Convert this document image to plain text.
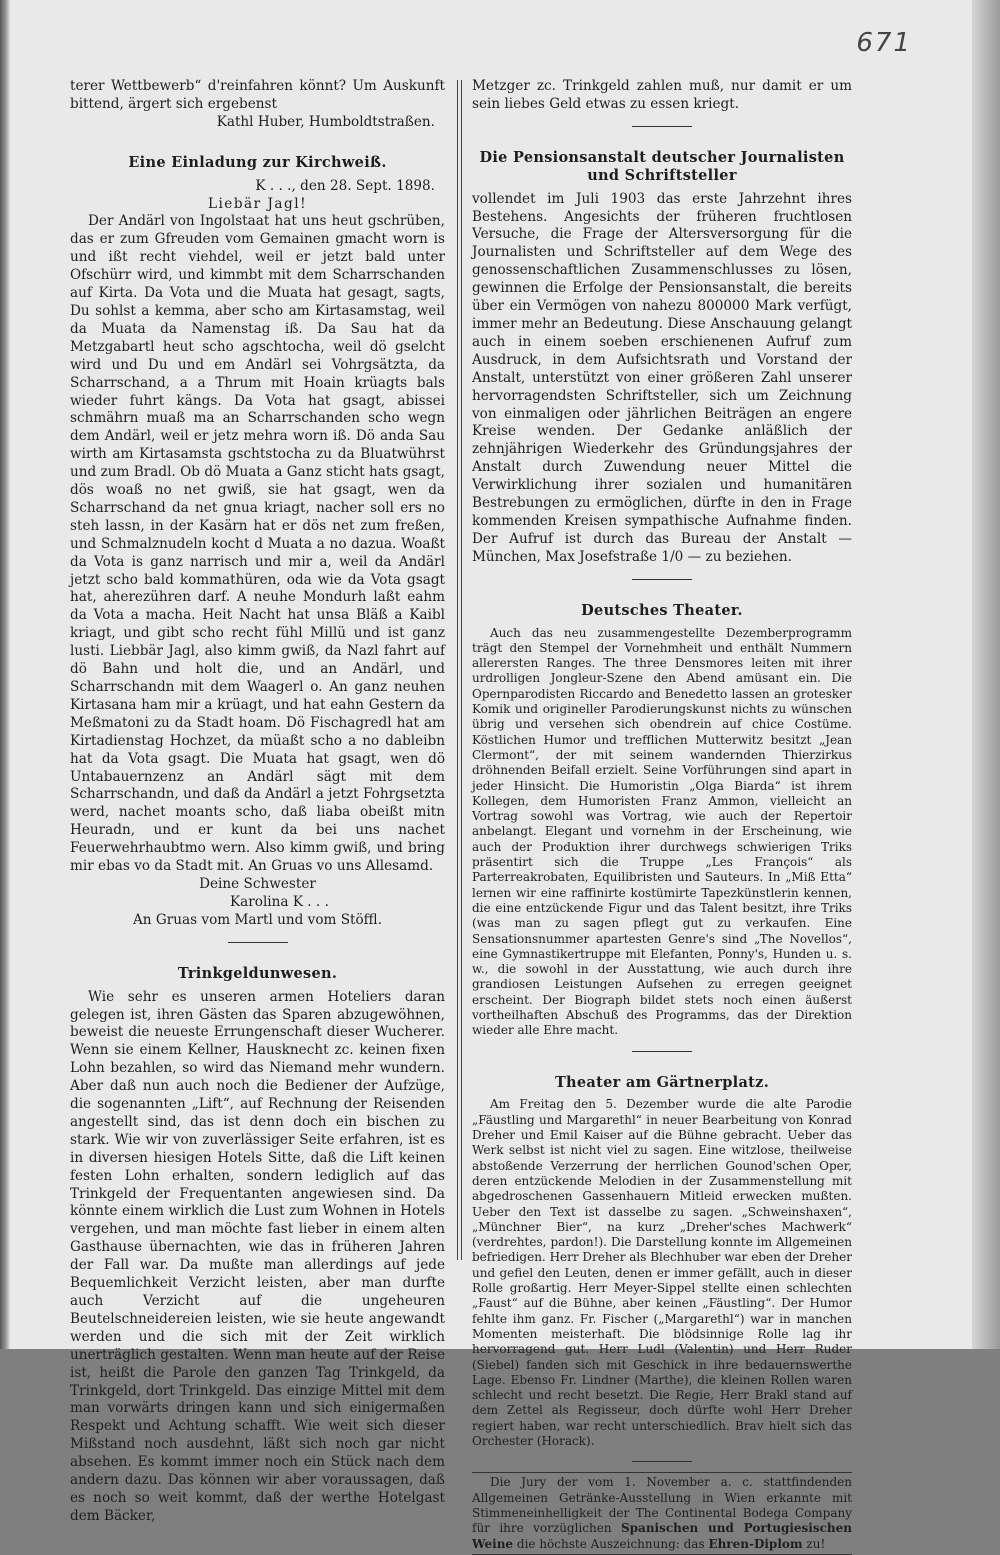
671

terer Wettbewerb“ d'reinfahren könnt? Um Auskunft bittend, ärgert sich ergebenst

Kathl Huber, Humboldtstraßen.

Eine Einladung zur Kirchweiß.

K . . ., den 28. Sept. 1898.

Liebär Jagl!

Der Andärl von Ingolstaat hat uns heut gschrüben, das er zum Gfreuden vom Gemainen gmacht worn is und ißt recht viehdel, weil er jetzt bald unter Ofschürr wird, und kimmbt mit dem Scharrschanden auf Kirta. Da Vota und die Muata hat gesagt, sagts, Du sohlst a kemma, aber scho am Kirtasamstag, weil da Muata da Namenstag iß. Da Sau hat da Metzgabartl heut scho agschtocha, weil dö gselcht wird und Du und em Andärl sei Vohrgsätzta, da Scharrschand, a a Thrum mit Hoain krüagts bals wieder fuhrt kängs. Da Vota hat gsagt, abissei schmährn muaß ma an Scharrschanden scho wegn dem Andärl, weil er jetz mehra worn iß. Dö anda Sau wirth am Kirtasamsta gschtstocha zu da Bluatwührst und zum Bradl. Ob dö Muata a Ganz sticht hats gsagt, dös woaß no net gwiß, sie hat gsagt, wen da Scharrschand da net gnua kriagt, nacher soll ers no steh lassn, in der Kasärn hat er dös net zum freßen, und Schmalznudeln kocht d Muata a no dazua. Woaßt da Vota is ganz narrisch und mir a, weil da Andärl jetzt scho bald kommathüren, oda wie da Vota gsagt hat, aherezühren darf. A neuhe Mondurh laßt eahm da Vota a macha. Heit Nacht hat unsa Bläß a Kaibl kriagt, und gibt scho recht fühl Millü und ist ganz lusti. Liebbär Jagl, also kimm gwiß, da Nazl fahrt auf dö Bahn und holt die, und an Andärl, und Scharrschandn mit dem Waagerl o. An ganz neuhen Kirtasana ham mir a krüagt, und hat eahn Gestern da Meßmatoni zu da Stadt hoam. Dö Fischagredl hat am Kirtadienstag Hochzet, da müaßt scho a no dableibn hat da Vota gsagt. Die Muata hat gsagt, wen dö Untabauernzenz an Andärl sägt mit dem Scharrschandn, und daß da Andärl a jetzt Fohrgsetzta werd, nachet moants scho, daß liaba obeißt mitn Heuradn, und er kunt da bei uns nachet Feuerwehrhaubtmo wern. Also kimm gwiß, und bring mir ebas vo da Stadt mit. An Gruas vo uns Allesamd.

Deine Schwester

Karolina K . . .

An Gruas vom Martl und vom Stöffl.

Trinkgeldunwesen.

Wie sehr es unseren armen Hoteliers daran gelegen ist, ihren Gästen das Sparen abzugewöhnen, beweist die neueste Errungenschaft dieser Wucherer. Wenn sie einem Kellner, Hausknecht zc. keinen fixen Lohn bezahlen, so wird das Niemand mehr wundern. Aber daß nun auch noch die Bediener der Aufzüge, die sogenannten „Lift“, auf Rechnung der Reisenden angestellt sind, das ist denn doch ein bischen zu stark. Wie wir von zuverlässiger Seite erfahren, ist es in diversen hiesigen Hotels Sitte, daß die Lift keinen festen Lohn erhalten, sondern lediglich auf das Trinkgeld der Frequentanten angewiesen sind. Da könnte einem wirklich die Lust zum Wohnen in Hotels vergehen, und man möchte fast lieber in einem alten Gasthause übernachten, wie das in früheren Jahren der Fall war. Da mußte man allerdings auf jede Bequemlichkeit Verzicht leisten, aber man durfte auch Verzicht auf die ungeheuren Beutelschneidereien leisten, wie sie heute angewandt werden und die sich mit der Zeit wirklich unerträglich gestalten. Wenn man heute auf der Reise ist, heißt die Parole den ganzen Tag Trinkgeld, da Trinkgeld, dort Trinkgeld. Das einzige Mittel mit dem man vorwärts dringen kann und sich einigermaßen Respekt und Achtung schafft. Wie weit sich dieser Mißstand noch ausdehnt, läßt sich noch gar nicht absehen. Es kommt immer noch ein Stück nach dem andern dazu. Das können wir aber voraussagen, daß es noch so weit kommt, daß der werthe Hotelgast dem Bäcker,

Metzger zc. Trinkgeld zahlen muß, nur damit er um sein liebes Geld etwas zu essen kriegt.

Die Pensionsanstalt deutscher Journalisten und Schriftsteller

vollendet im Juli 1903 das erste Jahrzehnt ihres Bestehens. Angesichts der früheren fruchtlosen Versuche, die Frage der Altersversorgung für die Journalisten und Schriftsteller auf dem Wege des genossenschaftlichen Zusammenschlusses zu lösen, gewinnen die Erfolge der Pensionsanstalt, die bereits über ein Vermögen von nahezu 800000 Mark verfügt, immer mehr an Bedeutung. Diese Anschauung gelangt auch in einem soeben erschienenen Aufruf zum Ausdruck, in dem Aufsichtsrath und Vorstand der Anstalt, unterstützt von einer größeren Zahl unserer hervorragendsten Schriftsteller, sich um Zeichnung von einmaligen oder jährlichen Beiträgen an engere Kreise wenden. Der Gedanke anläßlich der zehnjährigen Wiederkehr des Gründungsjahres der Anstalt durch Zuwendung neuer Mittel die Verwirklichung ihrer sozialen und humanitären Bestrebungen zu ermöglichen, dürfte in den in Frage kommenden Kreisen sympathische Aufnahme finden. Der Aufruf ist durch das Bureau der Anstalt — München, Max Josefstraße 1/0 — zu beziehen.

Deutsches Theater.

Auch das neu zusammengestellte Dezemberprogramm trägt den Stempel der Vornehmheit und enthält Nummern allerersten Ranges. The three Densmores leiten mit ihrer urdrolligen Jongleur-Szene den Abend amüsant ein. Die Opernparodisten Riccardo and Benedetto lassen an grotesker Komik und origineller Parodierungskunst nichts zu wünschen übrig und versehen sich obendrein auf chice Costüme. Köstlichen Humor und trefflichen Mutterwitz besitzt „Jean Clermont“, der mit seinem wandernden Thierzirkus dröhnenden Beifall erzielt. Seine Vorführungen sind apart in jeder Hinsicht. Die Humoristin „Olga Biarda“ ist ihrem Kollegen, dem Humoristen Franz Ammon, vielleicht an Vortrag sowohl was Vortrag, wie auch der Repertoir anbelangt. Elegant und vornehm in der Erscheinung, wie auch der Produktion ihrer durchwegs schwierigen Triks präsentirt sich die Truppe „Les François“ als Parterreakrobaten, Equilibristen und Sauteurs. In „Miß Etta“ lernen wir eine raffinirte kostümirte Tapezkünstlerin kennen, die eine entzückende Figur und das Talent besitzt, ihre Triks (was man zu sagen pflegt gut zu verkaufen. Eine Sensationsnummer apartesten Genre's sind „The Novellos“, eine Gymnastikertruppe mit Elefanten, Ponny's, Hunden u. s. w., die sowohl in der Ausstattung, wie auch durch ihre grandiosen Leistungen Aufsehen zu erregen geeignet erscheint. Der Biograph bildet stets noch einen äußerst vortheilhaften Abschuß des Programms, das der Direktion wieder alle Ehre macht.

Theater am Gärtnerplatz.

Am Freitag den 5. Dezember wurde die alte Parodie „Fäustling und Margarethl“ in neuer Bearbeitung von Konrad Dreher und Emil Kaiser auf die Bühne gebracht. Ueber das Werk selbst ist nicht viel zu sagen. Eine witzlose, theilweise abstoßende Verzerrung der herrlichen Gounod'schen Oper, deren entzückende Melodien in der Zusammenstellung mit abgedroschenen Gassenhauern Mitleid erwecken mußten. Ueber den Text ist dasselbe zu sagen. „Schweinshaxen“, „Münchner Bier“, na kurz „Dreher'sches Machwerk“ (verdrehtes, pardon!). Die Darstellung konnte im Allgemeinen befriedigen. Herr Dreher als Blechhuber war eben der Dreher und gefiel den Leuten, denen er immer gefällt, auch in dieser Rolle großartig. Herr Meyer-Sippel stellte einen schlechten „Faust“ auf die Bühne, aber keinen „Fäustling“. Der Humor fehlte ihm ganz. Fr. Fischer („Margarethl“) war in manchen Momenten meisterhaft. Die blödsinnige Rolle lag ihr hervorragend gut. Herr Ludl (Valentin) und Herr Ruder (Siebel) fanden sich mit Geschick in ihre bedauernswerthe Lage. Ebenso Fr. Lindner (Marthe), die kleinen Rollen waren schlecht und recht besetzt. Die Regie, Herr Brakl stand auf dem Zettel als Regisseur, doch dürfte wohl Herr Dreher regiert haben, war recht unterschiedlich. Brav hielt sich das Orchester (Horack).

Die Jury der vom 1. November a. c. stattfindenden Allgemeinen Getränke-Ausstellung in Wien erkannte mit Stimmeneinhelligkeit der The Continental Bodega Company für ihre vorzüglichen Spanischen und Portugiesischen Weine die höchste Auszeichnung: das Ehren-Diplom zu!
